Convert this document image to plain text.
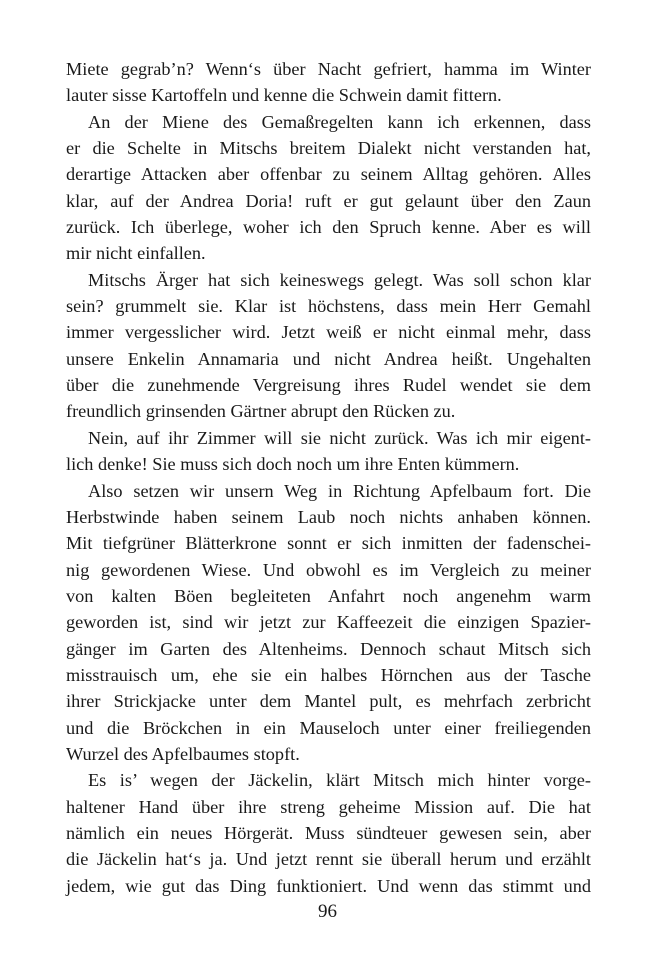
Miete gegrab’n? Wenn‘s über Nacht gefriert, hamma im Winter
lauter sisse Kartoffeln und kenne die Schwein damit fittern.
An der Miene des Gemaßregelten kann ich erkennen, dass
er die Schelte in Mitschs breitem Dialekt nicht verstanden hat,
derartige Attacken aber offenbar zu seinem Alltag gehören. Alles
klar, auf der Andrea Doria! ruft er gut gelaunt über den Zaun
zurück. Ich überlege, woher ich den Spruch kenne. Aber es will
mir nicht einfallen.
Mitschs Ärger hat sich keineswegs gelegt. Was soll schon klar
sein? grummelt sie. Klar ist höchstens, dass mein Herr Gemahl
immer vergesslicher wird. Jetzt weiß er nicht einmal mehr, dass
unsere Enkelin Annamaria und nicht Andrea heißt. Ungehalten
über die zunehmende Vergreisung ihres Rudel wendet sie dem
freundlich grinsenden Gärtner abrupt den Rücken zu.
Nein, auf ihr Zimmer will sie nicht zurück. Was ich mir eigent-
lich denke! Sie muss sich doch noch um ihre Enten kümmern.
Also setzen wir unsern Weg in Richtung Apfelbaum fort. Die
Herbstwinde haben seinem Laub noch nichts anhaben können.
Mit tiefgrüner Blätterkrone sonnt er sich inmitten der fadenschei-
nig gewordenen Wiese. Und obwohl es im Vergleich zu meiner
von kalten Böen begleiteten Anfahrt noch angenehm warm
geworden ist, sind wir jetzt zur Kaffeezeit die einzigen Spazier-
gänger im Garten des Altenheims. Dennoch schaut Mitsch sich
misstrauisch um, ehe sie ein halbes Hörnchen aus der Tasche
ihrer Strickjacke unter dem Mantel pult, es mehrfach zerbricht
und die Bröckchen in ein Mauseloch unter einer freiliegenden
Wurzel des Apfelbaumes stopft.
Es is’ wegen der Jäckelin, klärt Mitsch mich hinter vorge-
haltener Hand über ihre streng geheime Mission auf. Die hat
nämlich ein neues Hörgerät. Muss sündteuer gewesen sein, aber
die Jäckelin hat‘s ja. Und jetzt rennt sie überall herum und erzählt
jedem, wie gut das Ding funktioniert. Und wenn das stimmt und
96
